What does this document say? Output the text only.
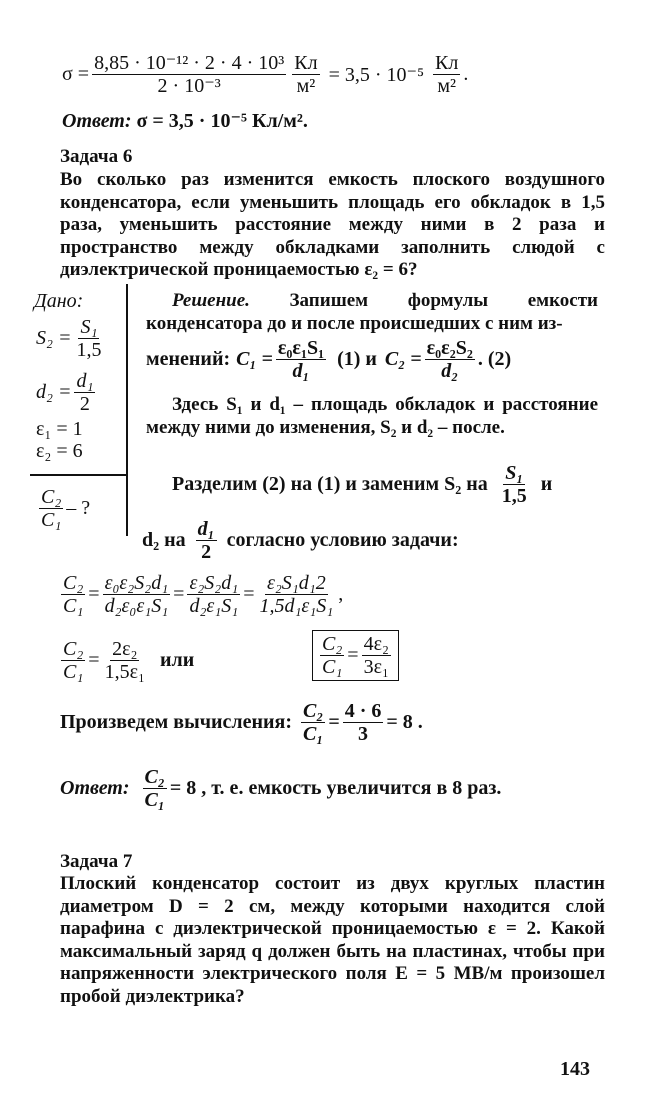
$\sigma = \frac{\text{8,85 · 10⁻¹² · 2 · 4 · 10³}}{\text{2 · 10⁻³}} \frac{Кл}{\text{м²}} = 3,5 \cdot 10^{-5} \frac{Кл}{\text{м²}}$ .
Ответ: σ = 3,5 · 10⁻⁵ Кл/м².
Задача 6
Во сколько раз изменится емкость плоского воздушного конденсатора, если уменьшить площадь его обкладок в 1,5 раза, уменьшить расстояние между ними в 2 раза и пространство между обкладками заполнить слюдой с диэлектрической проницаемостью ε₂ = 6?
Дано:
$S_2 = \frac{\text{S₁}}{1,5}$
$d_2 = \frac{\text{d₁}}{2}$
ε₁ = 1
ε₂ = 6
$\frac{\text{C₂}}{\text{C₁}}$ – ?
Решение. Запишем формулы емкости конденсатора до и после происшедших с ним из-
менений: $C_1 = \frac{\text{ε₀ε₁S₁}}{\text{d₁}} (1)$ и $C_2 = \frac{\text{ε₀ε₂S₂}}{\text{d₂}}$ . (2)
Здесь S₁ и d₁ – площадь обкладок и расстояние между ними до изменения, S₂ и d₂ – после.
Разделим (2) на (1) и заменим S₂ на $\frac{\text{S₁}}{1,5}$ и
d₂ на $\frac{\text{d₁}}{2}$ согласно условию задачи:
$\frac{\text{C₂}}{\text{C₁}} = \frac{\text{ε₀ε₂S₂d₁}}{\text{d₂ε₀ε₁S₁}} = \frac{\text{ε₂S₂d₁}}{\text{d₂ε₁S₁}} = \frac{\text{ε₂S₁d₁2}}{\text{1,5d₁ε₁S₁}}$ ,
$\frac{\text{C₂}}{\text{C₁}} = \frac{\text{2ε₂}}{\text{1,5ε₁}}$ или	$\frac{\text{C₂}}{\text{C₁}} = \frac{\text{4ε₂}}{\text{3ε₁}}$
Произведем вычисления: $\frac{\text{C₂}}{\text{C₁}} = \frac{4 \cdot 6}{3} = 8$ .
Ответ: $\frac{\text{C₂}}{\text{C₁}} = 8$ , т. е. емкость увеличится в 8 раз.
Задача 7
Плоский конденсатор состоит из двух круглых пластин диаметром D = 2 см, между которыми находится слой парафина с диэлектрической проницаемостью ε = 2. Какой максимальный заряд q должен быть на пластинах, чтобы при напряженности электрического поля E = 5 МВ/м произошел пробой диэлектрика?
143
